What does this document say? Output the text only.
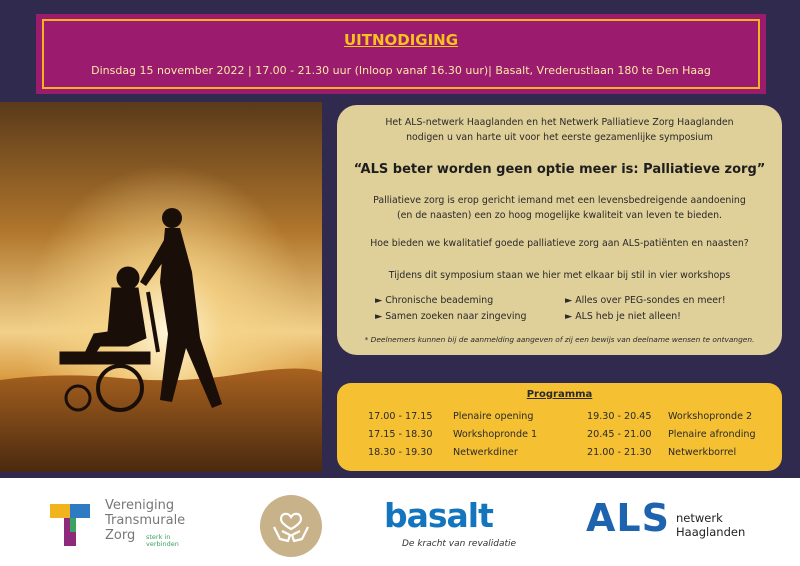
UITNODIGING
Dinsdag 15 november 2022 | 17.00 - 21.30 uur (Inloop vanaf 16.30 uur)| Basalt, Vrederustlaan 180 te Den Haag
Het ALS-netwerk Haaglanden en het Netwerk Palliatieve Zorg Haaglanden
nodigen u van harte uit voor het eerste gezamenlijke symposium
“ALS beter worden geen optie meer is: Palliatieve zorg”
Palliatieve zorg is erop gericht iemand met een levensbedreigende aandoening
(en de naasten) een zo hoog mogelijke kwaliteit van leven te bieden.
Hoe bieden we kwalitatief goede palliatieve zorg aan ALS-patiënten en naasten?
Tijdens dit symposium staan we hier met elkaar bij stil in vier workshops
► Chronische beademing
► Samen zoeken naar zingeving
► Alles over PEG-sondes en meer!
► ALS heb je niet alleen!
* Deelnemers kunnen bij de aanmelding aangeven of zij een bewijs van deelname wensen te ontvangen.
Programma
17.00 - 17.15 Plenaire opening
17.15 - 18.30 Workshopronde 1
18.30 - 19.30 Netwerkdiner
19.30 - 20.45 Workshopronde 2
20.45 - 21.00 Plenaire afronding
21.00 - 21.30 Netwerkborrel
Vereniging
Transmurale
Zorg	sterk in
verbinden
basalt
De kracht van revalidatie
ALS netwerk
Haaglanden
